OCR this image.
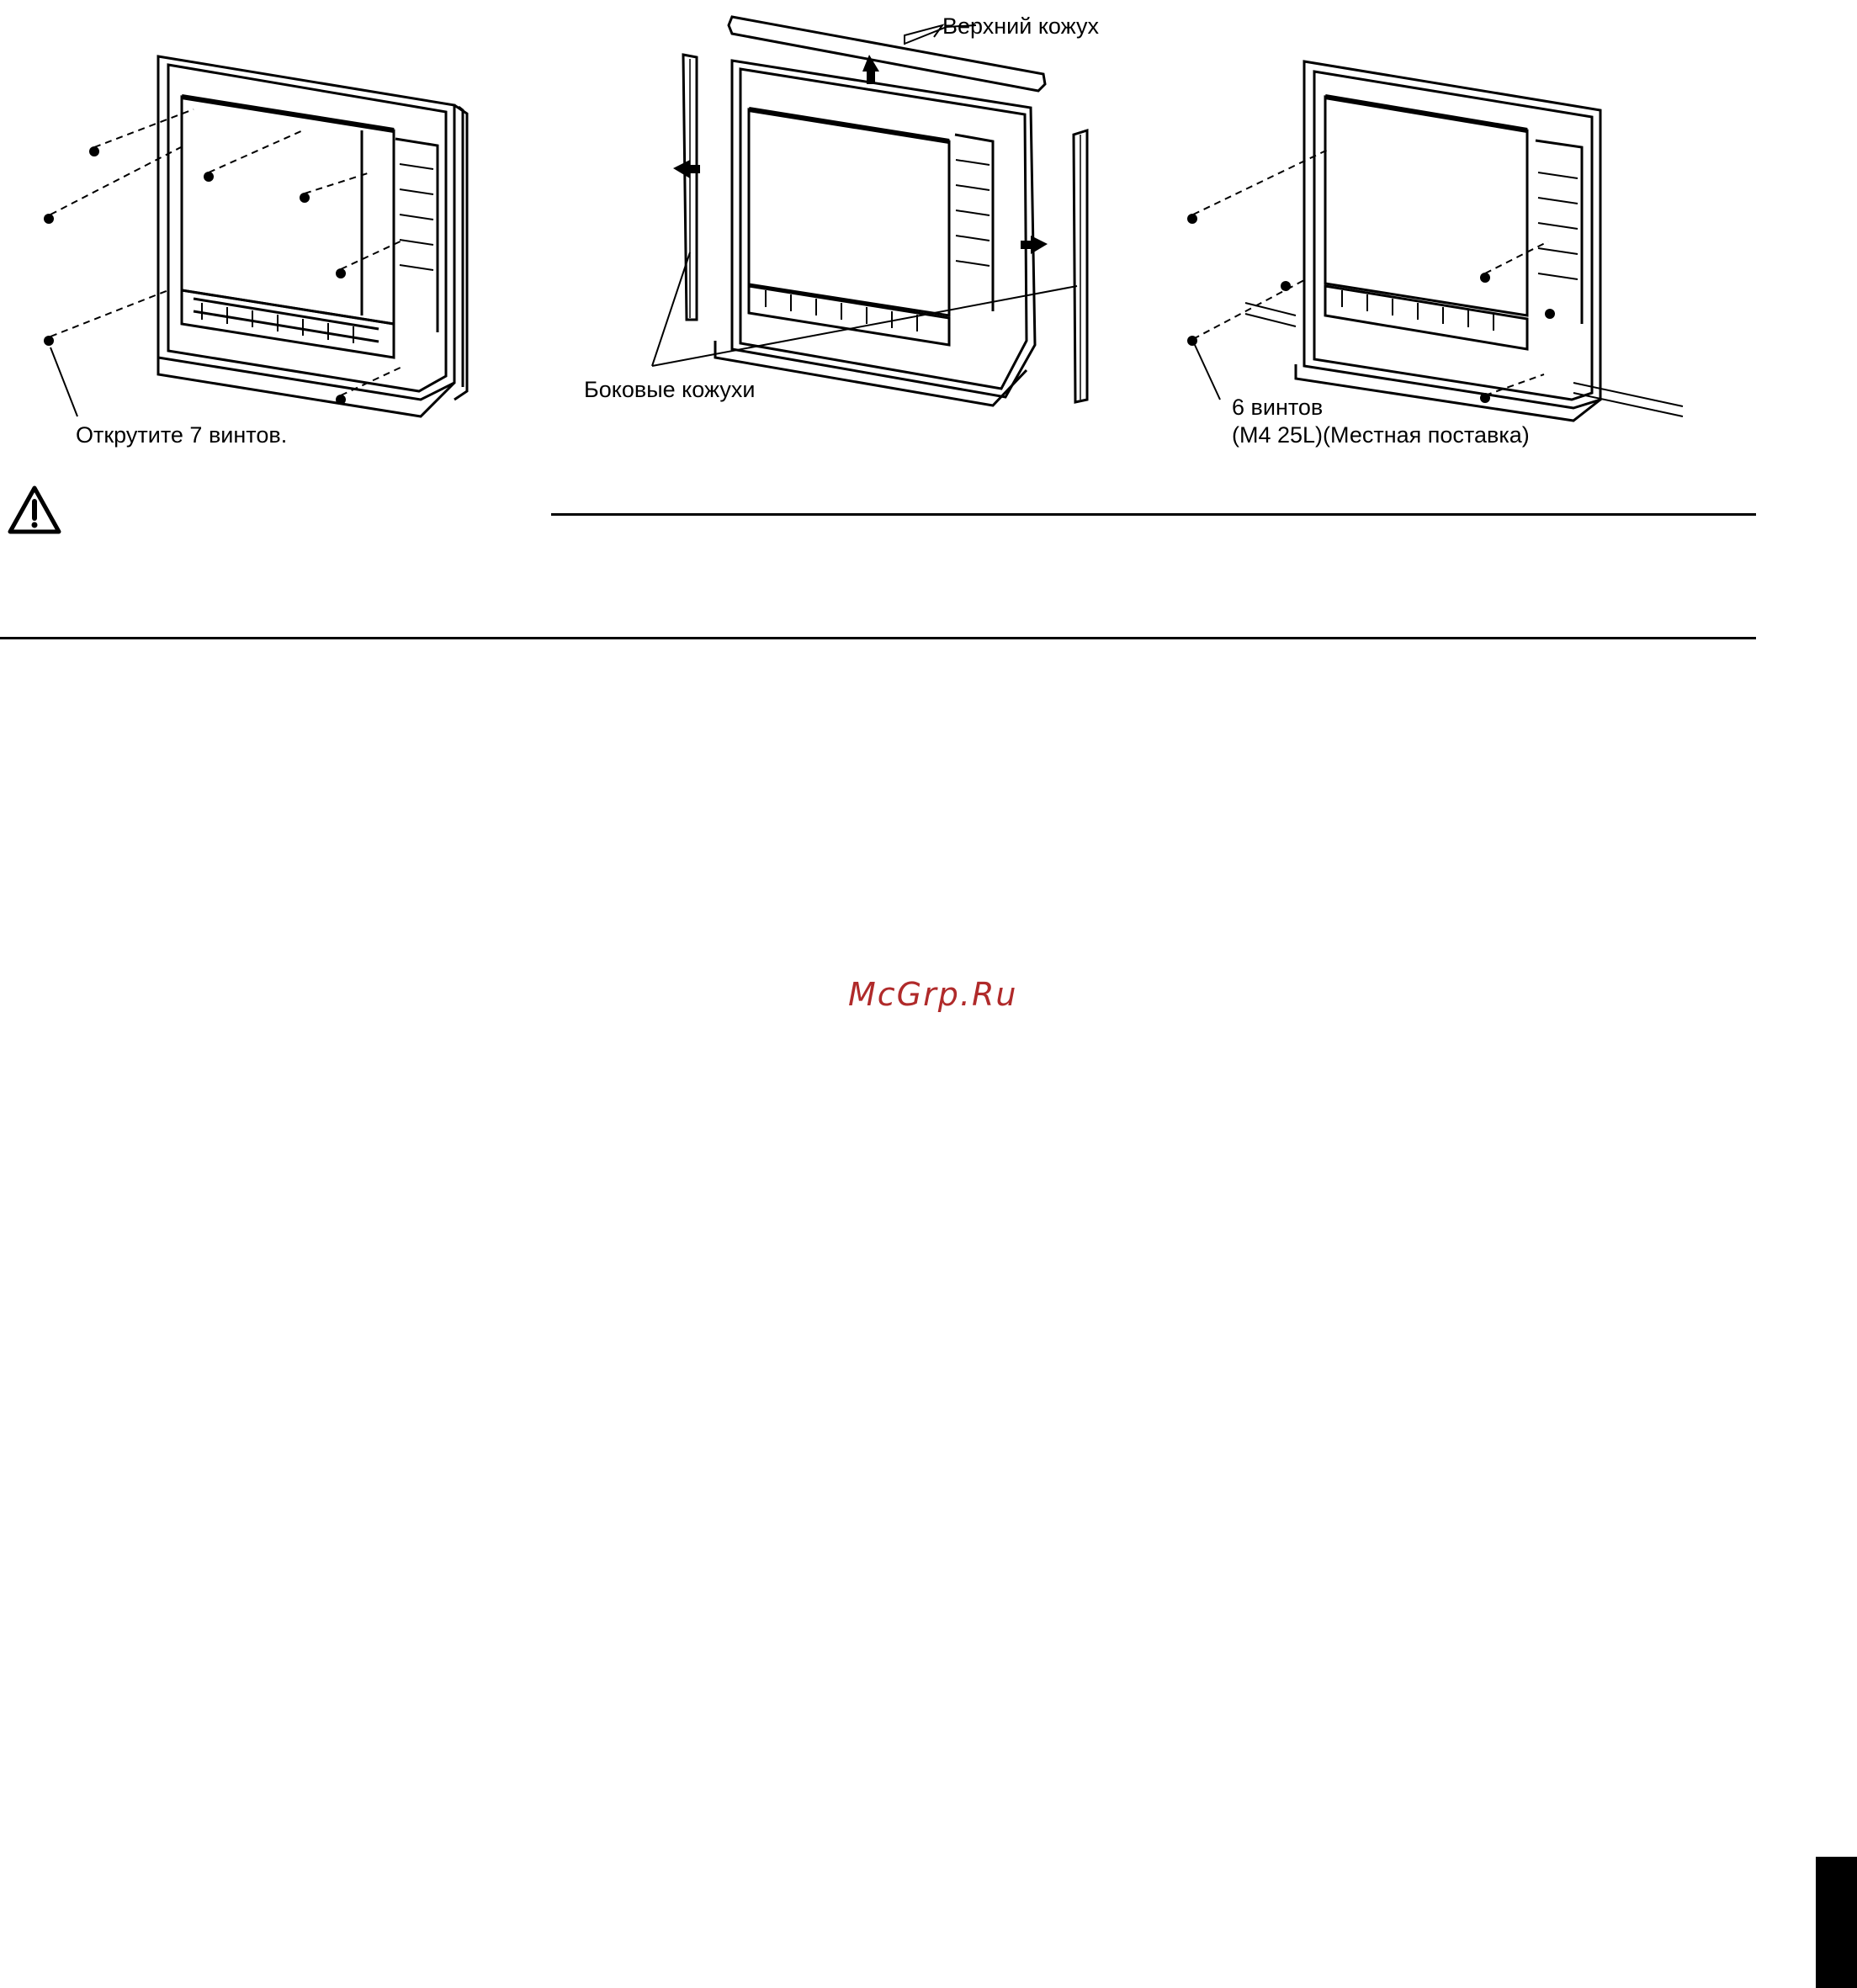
Открутите 7 винтов.
Верхний кожух
Боковые кожухи
6 винтов
(M4 25L)(Местная поставка)
McGrp.Ru
